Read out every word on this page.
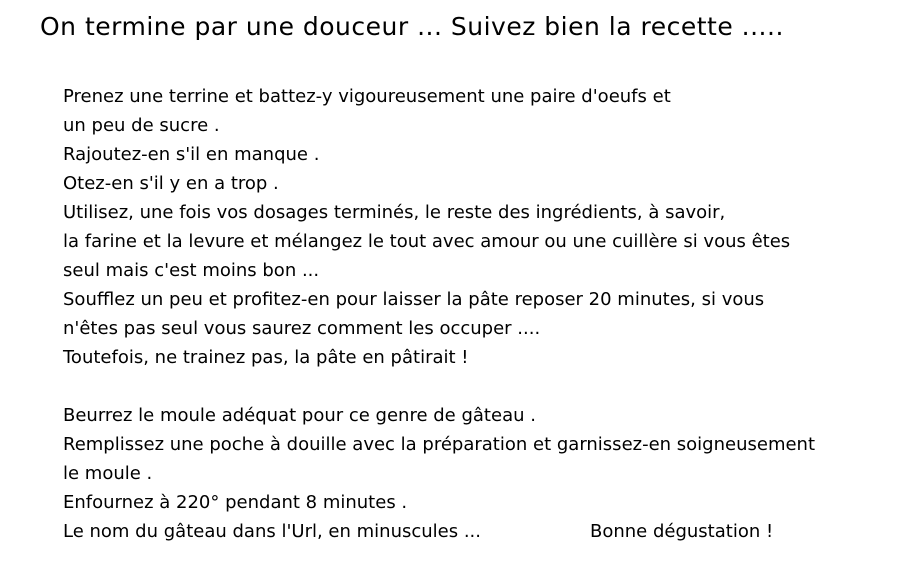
On termine par une douceur ... Suivez bien la recette .....
Prenez une terrine et battez-y vigoureusement une paire d'oeufs et
un peu de sucre .
Rajoutez-en s'il en manque .
Otez-en s'il y en a trop .
Utilisez, une fois vos dosages terminés, le reste des ingrédients, à savoir,
la farine et la levure et mélangez le tout avec amour ou une cuillère si vous êtes
seul mais c'est moins bon ...
Soufflez un peu et profitez-en pour laisser la pâte reposer 20 minutes, si vous
n'êtes pas seul vous saurez comment les occuper ....
Toutefois, ne trainez pas, la pâte en pâtirait !
Beurrez le moule adéquat pour ce genre de gâteau .
Remplissez une poche à douille avec la préparation et garnissez-en soigneusement
le moule .
Enfournez à 220° pendant 8 minutes .
Le nom du gâteau dans l'Url, en minuscules ...	Bonne dégustation !
